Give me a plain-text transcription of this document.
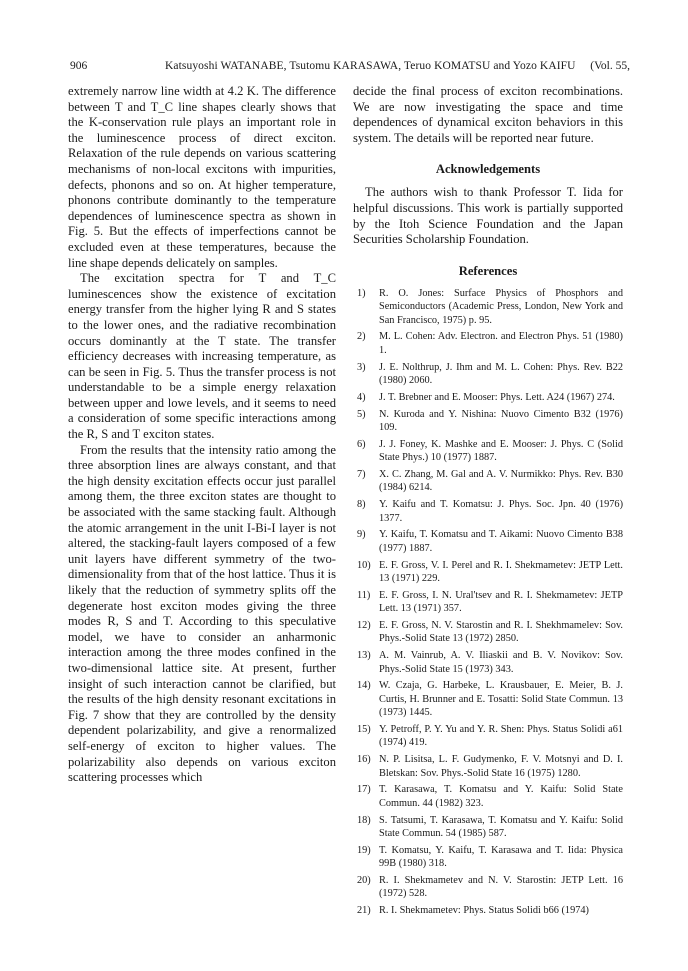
906	Katsuyoshi WATANABE, Tsutomu KARASAWA, Teruo KOMATSU and Yozo KAIFU (Vol. 55,

extremely narrow line width at 4.2 K. The difference between T and T_C line shapes clearly shows that the K-conservation rule plays an important role in the luminescence process of direct exciton. Relaxation of the rule depends on various scattering mechanisms of non-local excitons with impurities, defects, phonons and so on. At higher temperature, phonons contribute dominantly to the temperature dependences of luminescence spectra as shown in Fig. 5. But the effects of imperfections cannot be excluded even at these temperatures, because the line shape depends delicately on samples.

The excitation spectra for T and T_C luminescences show the existence of excitation energy transfer from the higher lying R and S states to the lower ones, and the radiative recombination occurs dominantly at the T state. The transfer efficiency decreases with increasing temperature, as can be seen in Fig. 5. Thus the transfer process is not understandable to be a simple energy relaxation between upper and lowe levels, and it seems to need a consideration of some specific interactions among the R, S and T exciton states.

From the results that the intensity ratio among the three absorption lines are always constant, and that the high density excitation effects occur just parallel among them, the three exciton states are thought to be associated with the same stacking fault. Although the atomic arrangement in the unit I-Bi-I layer is not altered, the stacking-fault layers composed of a few unit layers have different symmetry of the two-dimensionality from that of the host lattice. Thus it is likely that the reduction of symmetry splits off the degenerate host exciton modes giving the three modes R, S and T. According to this speculative model, we have to consider an anharmonic interaction among the three modes confined in the two-dimensional lattice site. At present, further insight of such interaction cannot be clarified, but the results of the high density resonant excitations in Fig. 7 show that they are controlled by the density dependent polarizability, and give a renormalized self-energy of exciton to higher values. The polarizability also depends on various exciton scattering processes which

decide the final process of exciton recombinations. We are now investigating the space and time dependences of dynamical exciton behaviors in this system. The details will be reported near future.

Acknowledgements

The authors wish to thank Professor T. Iida for helpful discussions. This work is partially supported by the Itoh Science Foundation and the Japan Securities Scholarship Foundation.

References
1)	R. O. Jones: Surface Physics of Phosphors and Semiconductors (Academic Press, London, New York and San Francisco, 1975) p. 95.
2)	M. L. Cohen: Adv. Electron. and Electron Phys. 51 (1980) 1.
3)	J. E. Nolthrup, J. Ihm and M. L. Cohen: Phys. Rev. B22 (1980) 2060.
4)	J. T. Brebner and E. Mooser: Phys. Lett. A24 (1967) 274.
5)	N. Kuroda and Y. Nishina: Nuovo Cimento B32 (1976) 109.
6)	J. J. Foney, K. Mashke and E. Mooser: J. Phys. C (Solid State Phys.) 10 (1977) 1887.
7)	X. C. Zhang, M. Gal and A. V. Nurmikko: Phys. Rev. B30 (1984) 6214.
8)	Y. Kaifu and T. Komatsu: J. Phys. Soc. Jpn. 40 (1976) 1377.
9)	Y. Kaifu, T. Komatsu and T. Aikami: Nuovo Cimento B38 (1977) 1887.
10) E. F. Gross, V. I. Perel and R. I. Shekmametev: JETP Lett. 13 (1971) 229.
11) E. F. Gross, I. N. Ural'tsev and R. I. Shekmametev: JETP Lett. 13 (1971) 357.
12) E. F. Gross, N. V. Starostin and R. I. Shekhmamelev: Sov. Phys.-Solid State 13 (1972) 2850.
13) A. M. Vainrub, A. V. Iliaskii and B. V. Novikov: Sov. Phys.-Solid State 15 (1973) 343.
14) W. Czaja, G. Harbeke, L. Krausbauer, E. Meier, B. J. Curtis, H. Brunner and E. Tosatti: Solid State Commun. 13 (1973) 1445.
15) Y. Petroff, P. Y. Yu and Y. R. Shen: Phys. Status Solidi a61 (1974) 419.
16) N. P. Lisitsa, L. F. Gudymenko, F. V. Motsnyi and D. I. Bletskan: Sov. Phys.-Solid State 16 (1975) 1280.
17) T. Karasawa, T. Komatsu and Y. Kaifu: Solid State Commun. 44 (1982) 323.
18) S. Tatsumi, T. Karasawa, T. Komatsu and Y. Kaifu: Solid State Commun. 54 (1985) 587.
19) T. Komatsu, Y. Kaifu, T. Karasawa and T. Iida: Physica 99B (1980) 318.
20) R. I. Shekmametev and N. V. Starostin: JETP Lett. 16 (1972) 528.
21) R. I. Shekmametev: Phys. Status Solidi b66 (1974)
